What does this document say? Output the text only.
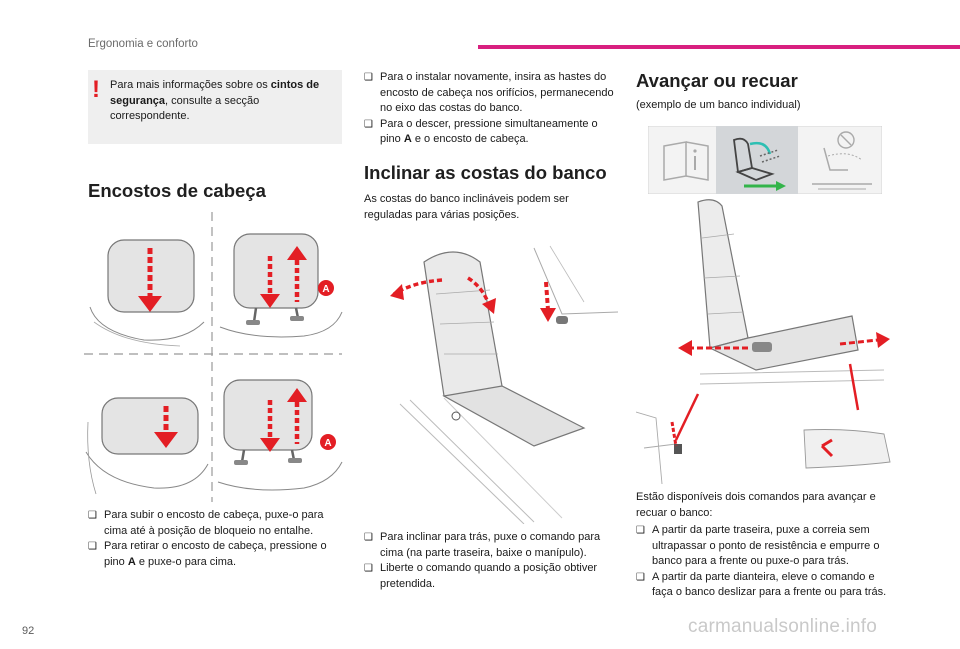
Ergonomia e conforto
! Para mais informações sobre os cintos de segurança, consulte a secção correspondente.
Encostos de cabeça
A
A

❑ Para subir o encosto de cabeça, puxe-o para cima até à posição de bloqueio no entalhe.

❑ Para retirar o encosto de cabeça, pressione o pino A e puxe-o para cima.

❑ Para o instalar novamente, insira as hastes do encosto de cabeça nos orifícios, permanecendo no eixo das costas do banco.

❑ Para o descer, pressione simultaneamente o pino A e o encosto de cabeça.

Inclinar as costas do banco
As costas do banco inclináveis podem ser reguladas para várias posições.

❑ Para inclinar para trás, puxe o comando para cima (na parte traseira, baixe o manípulo).

❑ Liberte o comando quando a posição obtiver pretendida.

Avançar ou recuar
(exemplo de um banco individual)
Estão disponíveis dois comandos para avançar e recuar o banco:

❑ A partir da parte traseira, puxe a correia sem ultrapassar o ponto de resistência e empurre o banco para a frente ou puxe-o para trás.

❑ A partir da parte dianteira, eleve o comando e faça o banco deslizar para a frente ou para trás.

92	carmanualsonline.info
